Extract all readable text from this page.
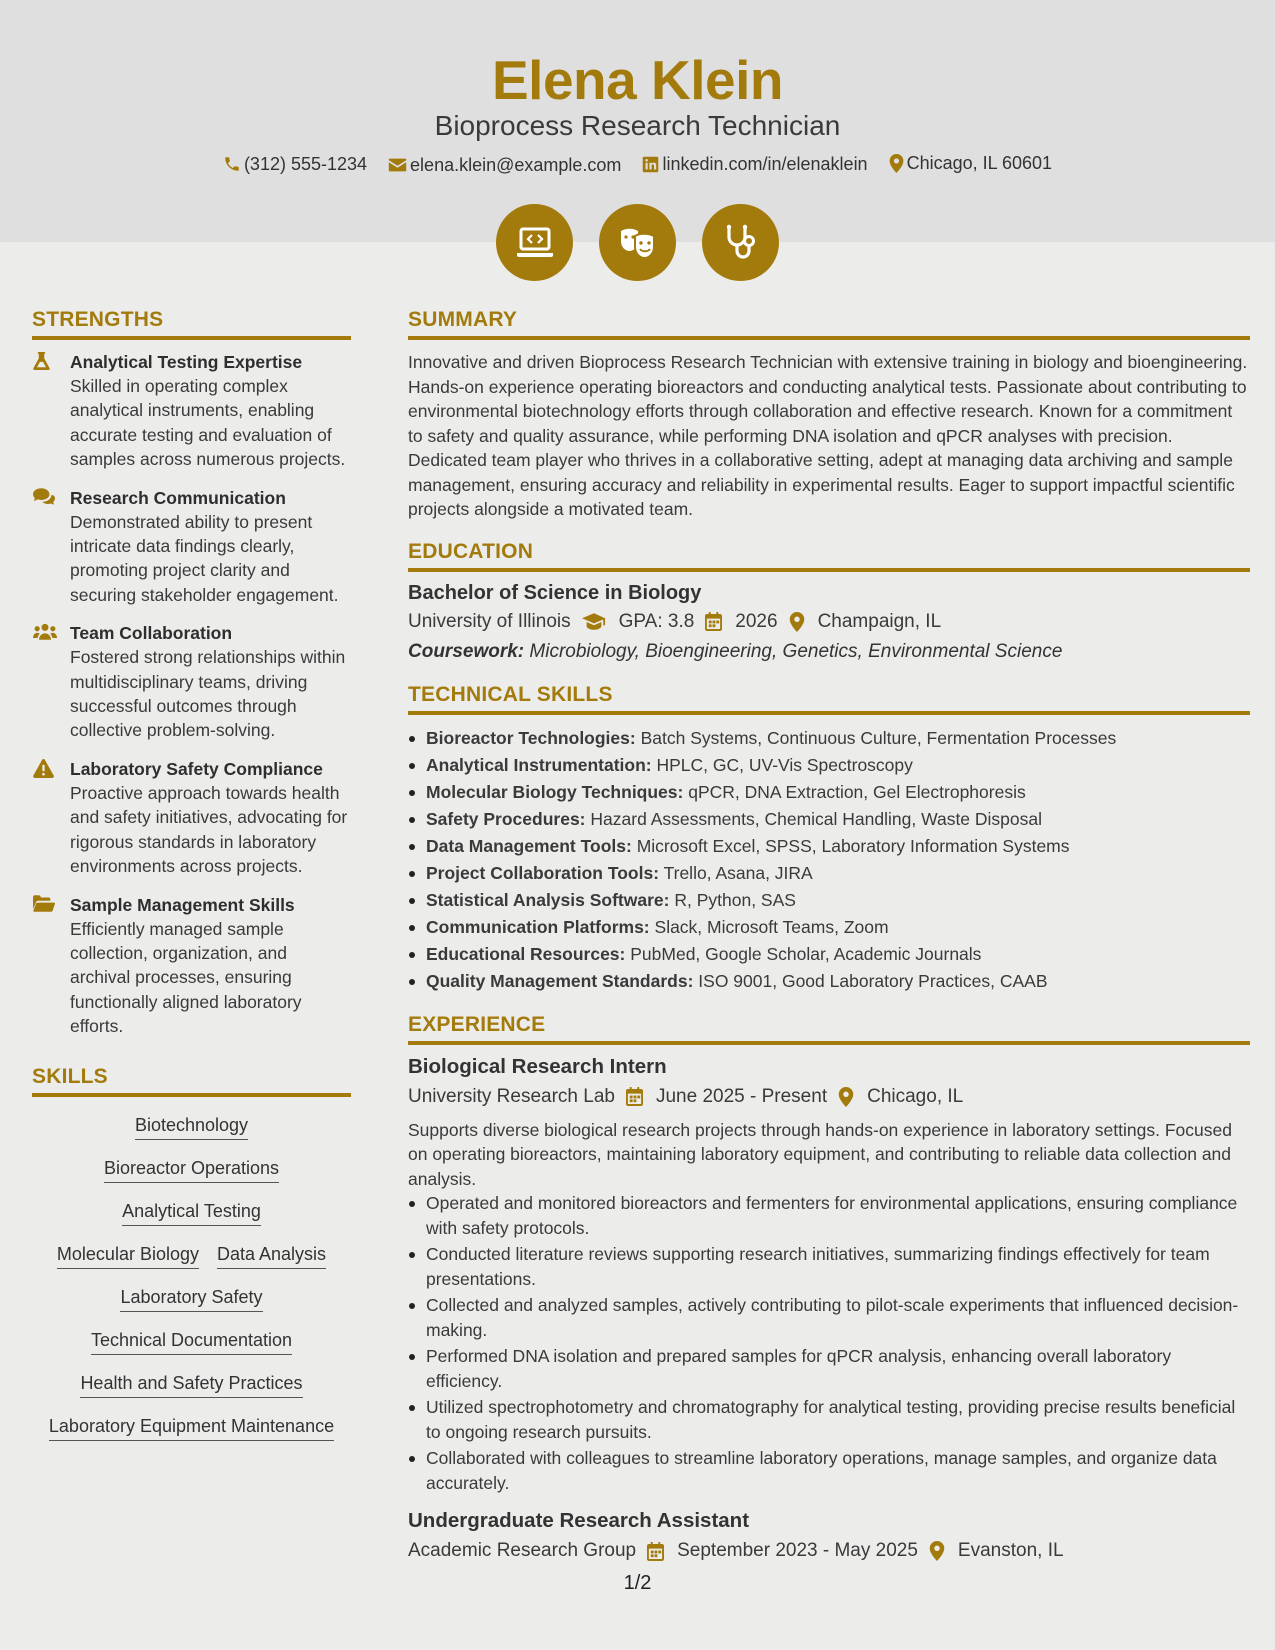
Elena Klein
Bioprocess Research Technician
(312) 555-1234
elena.klein@example.com
linkedin.com/in/elenaklein
Chicago, IL 60601
STRENGTHS
Analytical Testing Expertise
Skilled in operating complex analytical instruments, enabling accurate testing and evaluation of samples across numerous projects.
Research Communication
Demonstrated ability to present intricate data findings clearly, promoting project clarity and securing stakeholder engagement.
Team Collaboration
Fostered strong relationships within multidisciplinary teams, driving successful outcomes through collective problem-solving.
Laboratory Safety Compliance
Proactive approach towards health and safety initiatives, advocating for rigorous standards in laboratory environments across projects.
Sample Management Skills
Efficiently managed sample collection, organization, and archival processes, ensuring functionally aligned laboratory efforts.
SKILLS
Biotechnology
Bioreactor Operations
Analytical Testing
Molecular Biology Data Analysis
Laboratory Safety
Technical Documentation
Health and Safety Practices
Laboratory Equipment Maintenance
SUMMARY
Innovative and driven Bioprocess Research Technician with extensive training in biology and bioengineering. Hands-on experience operating bioreactors and conducting analytical tests. Passionate about contributing to environmental biotechnology efforts through collaboration and effective research. Known for a commitment to safety and quality assurance, while performing DNA isolation and qPCR analyses with precision. Dedicated team player who thrives in a collaborative setting, adept at managing data archiving and sample management, ensuring accuracy and reliability in experimental results. Eager to support impactful scientific projects alongside a motivated team.
EDUCATION
Bachelor of Science in Biology
University of Illinois	GPA: 3.8 2026 Champaign, IL
Coursework: Microbiology, Bioengineering, Genetics, Environmental Science
TECHNICAL SKILLS
Bioreactor Technologies: Batch Systems, Continuous Culture, Fermentation Processes
Analytical Instrumentation: HPLC, GC, UV-Vis Spectroscopy
Molecular Biology Techniques: qPCR, DNA Extraction, Gel Electrophoresis
Safety Procedures: Hazard Assessments, Chemical Handling, Waste Disposal
Data Management Tools: Microsoft Excel, SPSS, Laboratory Information Systems
Project Collaboration Tools: Trello, Asana, JIRA
Statistical Analysis Software: R, Python, SAS
Communication Platforms: Slack, Microsoft Teams, Zoom
Educational Resources: PubMed, Google Scholar, Academic Journals
Quality Management Standards: ISO 9001, Good Laboratory Practices, CAAB
EXPERIENCE
Biological Research Intern
University Research Lab June 2025 - Present Chicago, IL
Supports diverse biological research projects through hands-on experience in laboratory settings. Focused on operating bioreactors, maintaining laboratory equipment, and contributing to reliable data collection and analysis.
Operated and monitored bioreactors and fermenters for environmental applications, ensuring compliance with safety protocols.
Conducted literature reviews supporting research initiatives, summarizing findings effectively for team presentations.
Collected and analyzed samples, actively contributing to pilot-scale experiments that influenced decision-making.
Performed DNA isolation and prepared samples for qPCR analysis, enhancing overall laboratory efficiency.
Utilized spectrophotometry and chromatography for analytical testing, providing precise results beneficial to ongoing research pursuits.
Collaborated with colleagues to streamline laboratory operations, manage samples, and organize data accurately.
Undergraduate Research Assistant
Academic Research Group September 2023 - May 2025 Evanston, IL
1/2
